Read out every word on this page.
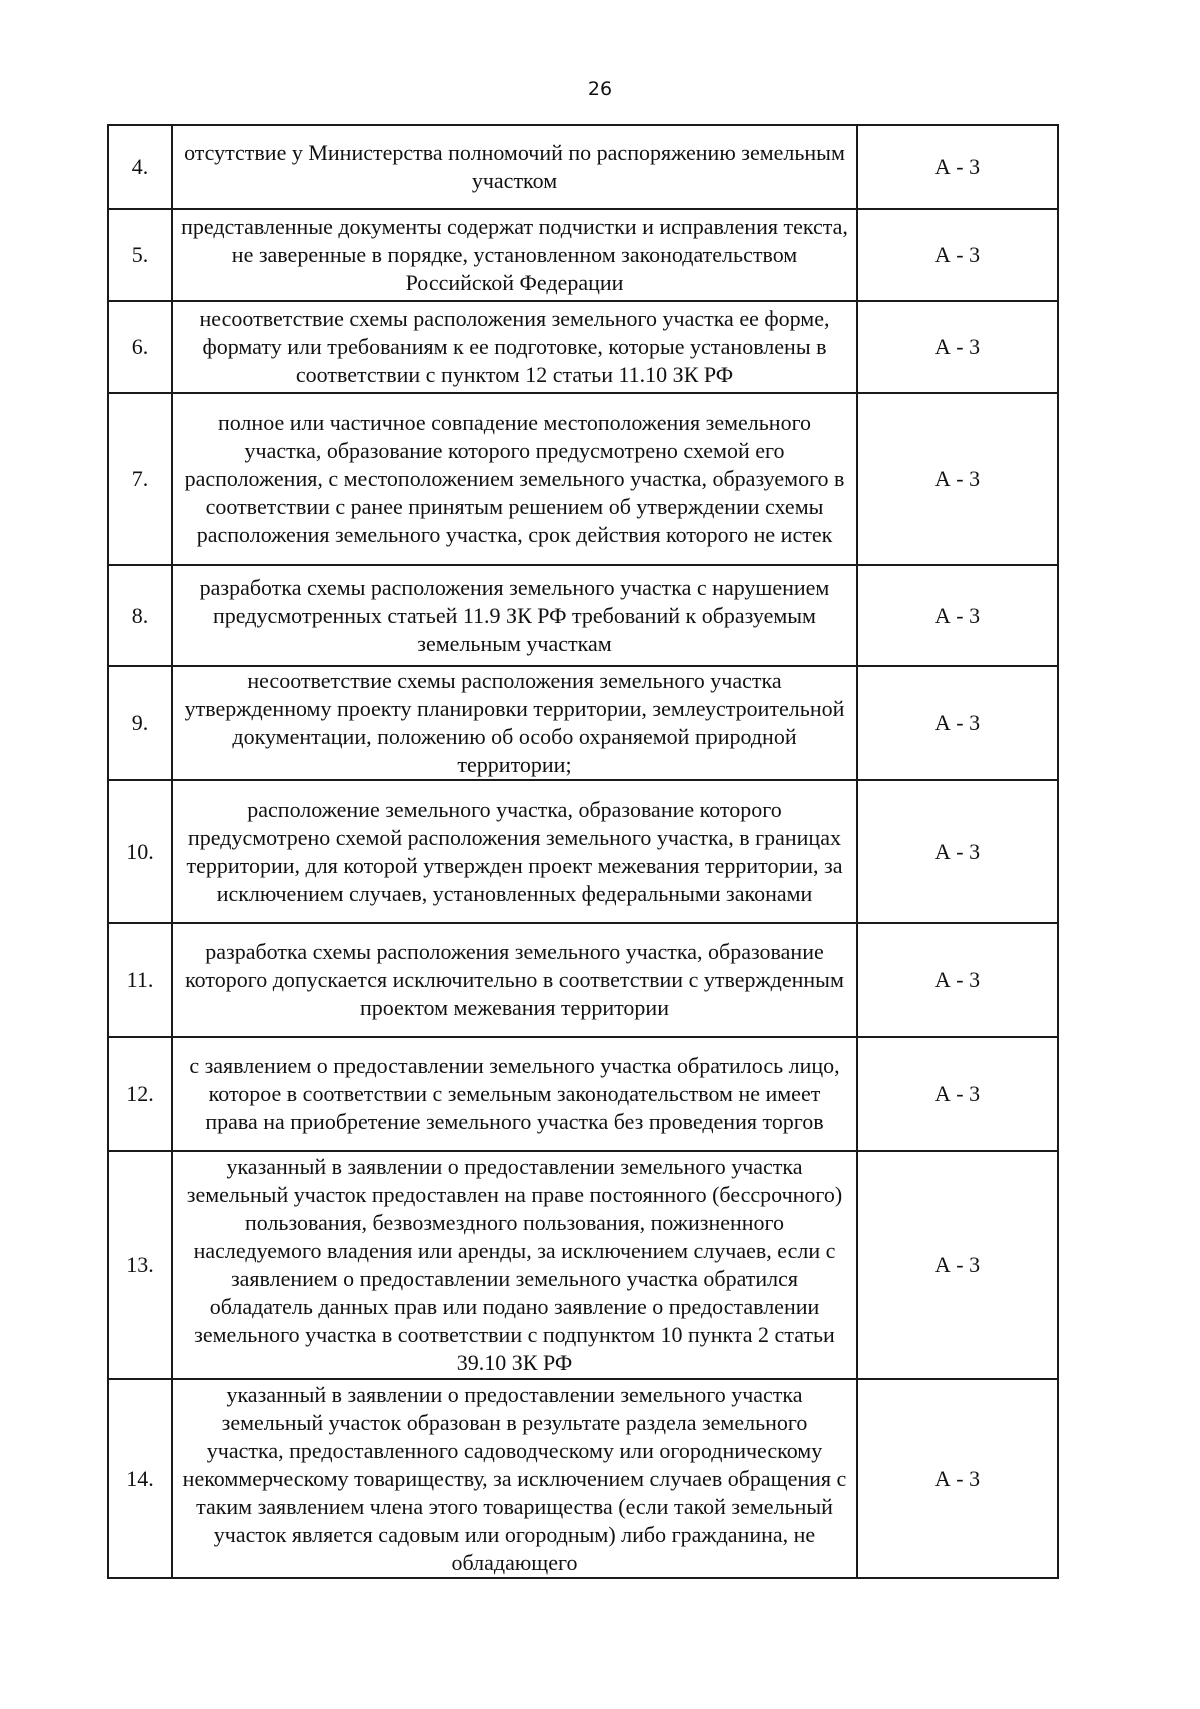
26
4.	отсутствие у Министерства полномочий по распоряжению земельным участком	А - 3
5.	представленные документы содержат подчистки и исправления текста, не заверенные в порядке, установленном законодательством Российской Федерации	А - 3
6.	несоответствие схемы расположения земельного участка ее форме, формату или требованиям к ее подготовке, которые установлены в соответствии с пунктом 12 статьи 11.10 ЗК РФ	А - 3
7.	полное или частичное совпадение местоположения земельного участка, образование которого предусмотрено схемой его расположения, с местоположением земельного участка, образуемого в соответствии с ранее принятым решением об утверждении схемы расположения земельного участка, срок действия которого не истек	А - 3
8.	разработка схемы расположения земельного участка с нарушением предусмотренных статьей 11.9 ЗК РФ требований к образуемым земельным участкам	А - 3
9.	несоответствие схемы расположения земельного участка утвержденному проекту планировки территории, землеустроительной документации, положению об особо охраняемой природной территории;	А - 3
10.	расположение земельного участка, образование которого предусмотрено схемой расположения земельного участка, в границах территории, для которой утвержден проект межевания территории, за исключением случаев, установленных федеральными законами	А - 3
11.	разработка схемы расположения земельного участка, образование которого допускается исключительно в соответствии с утвержденным проектом межевания территории	А - 3
12.	с заявлением о предоставлении земельного участка обратилось лицо, которое в соответствии с земельным законодательством не имеет права на приобретение земельного участка без проведения торгов	А - 3
13.	указанный в заявлении о предоставлении земельного участка земельный участок предоставлен на праве постоянного (бессрочного) пользования, безвозмездного пользования, пожизненного наследуемого владения или аренды, за исключением случаев, если с заявлением о предоставлении земельного участка обратился обладатель данных прав или подано заявление о предоставлении земельного участка в соответствии с подпунктом 10 пункта 2 статьи 39.10 ЗК РФ	А - 3
14.	указанный в заявлении о предоставлении земельного участка земельный участок образован в результате раздела земельного участка, предоставленного садоводческому или огородническому некоммерческому товариществу, за исключением случаев обращения с таким заявлением члена этого товарищества (если такой земельный участок является садовым или огородным) либо гражданина, не обладающего	А - 3
